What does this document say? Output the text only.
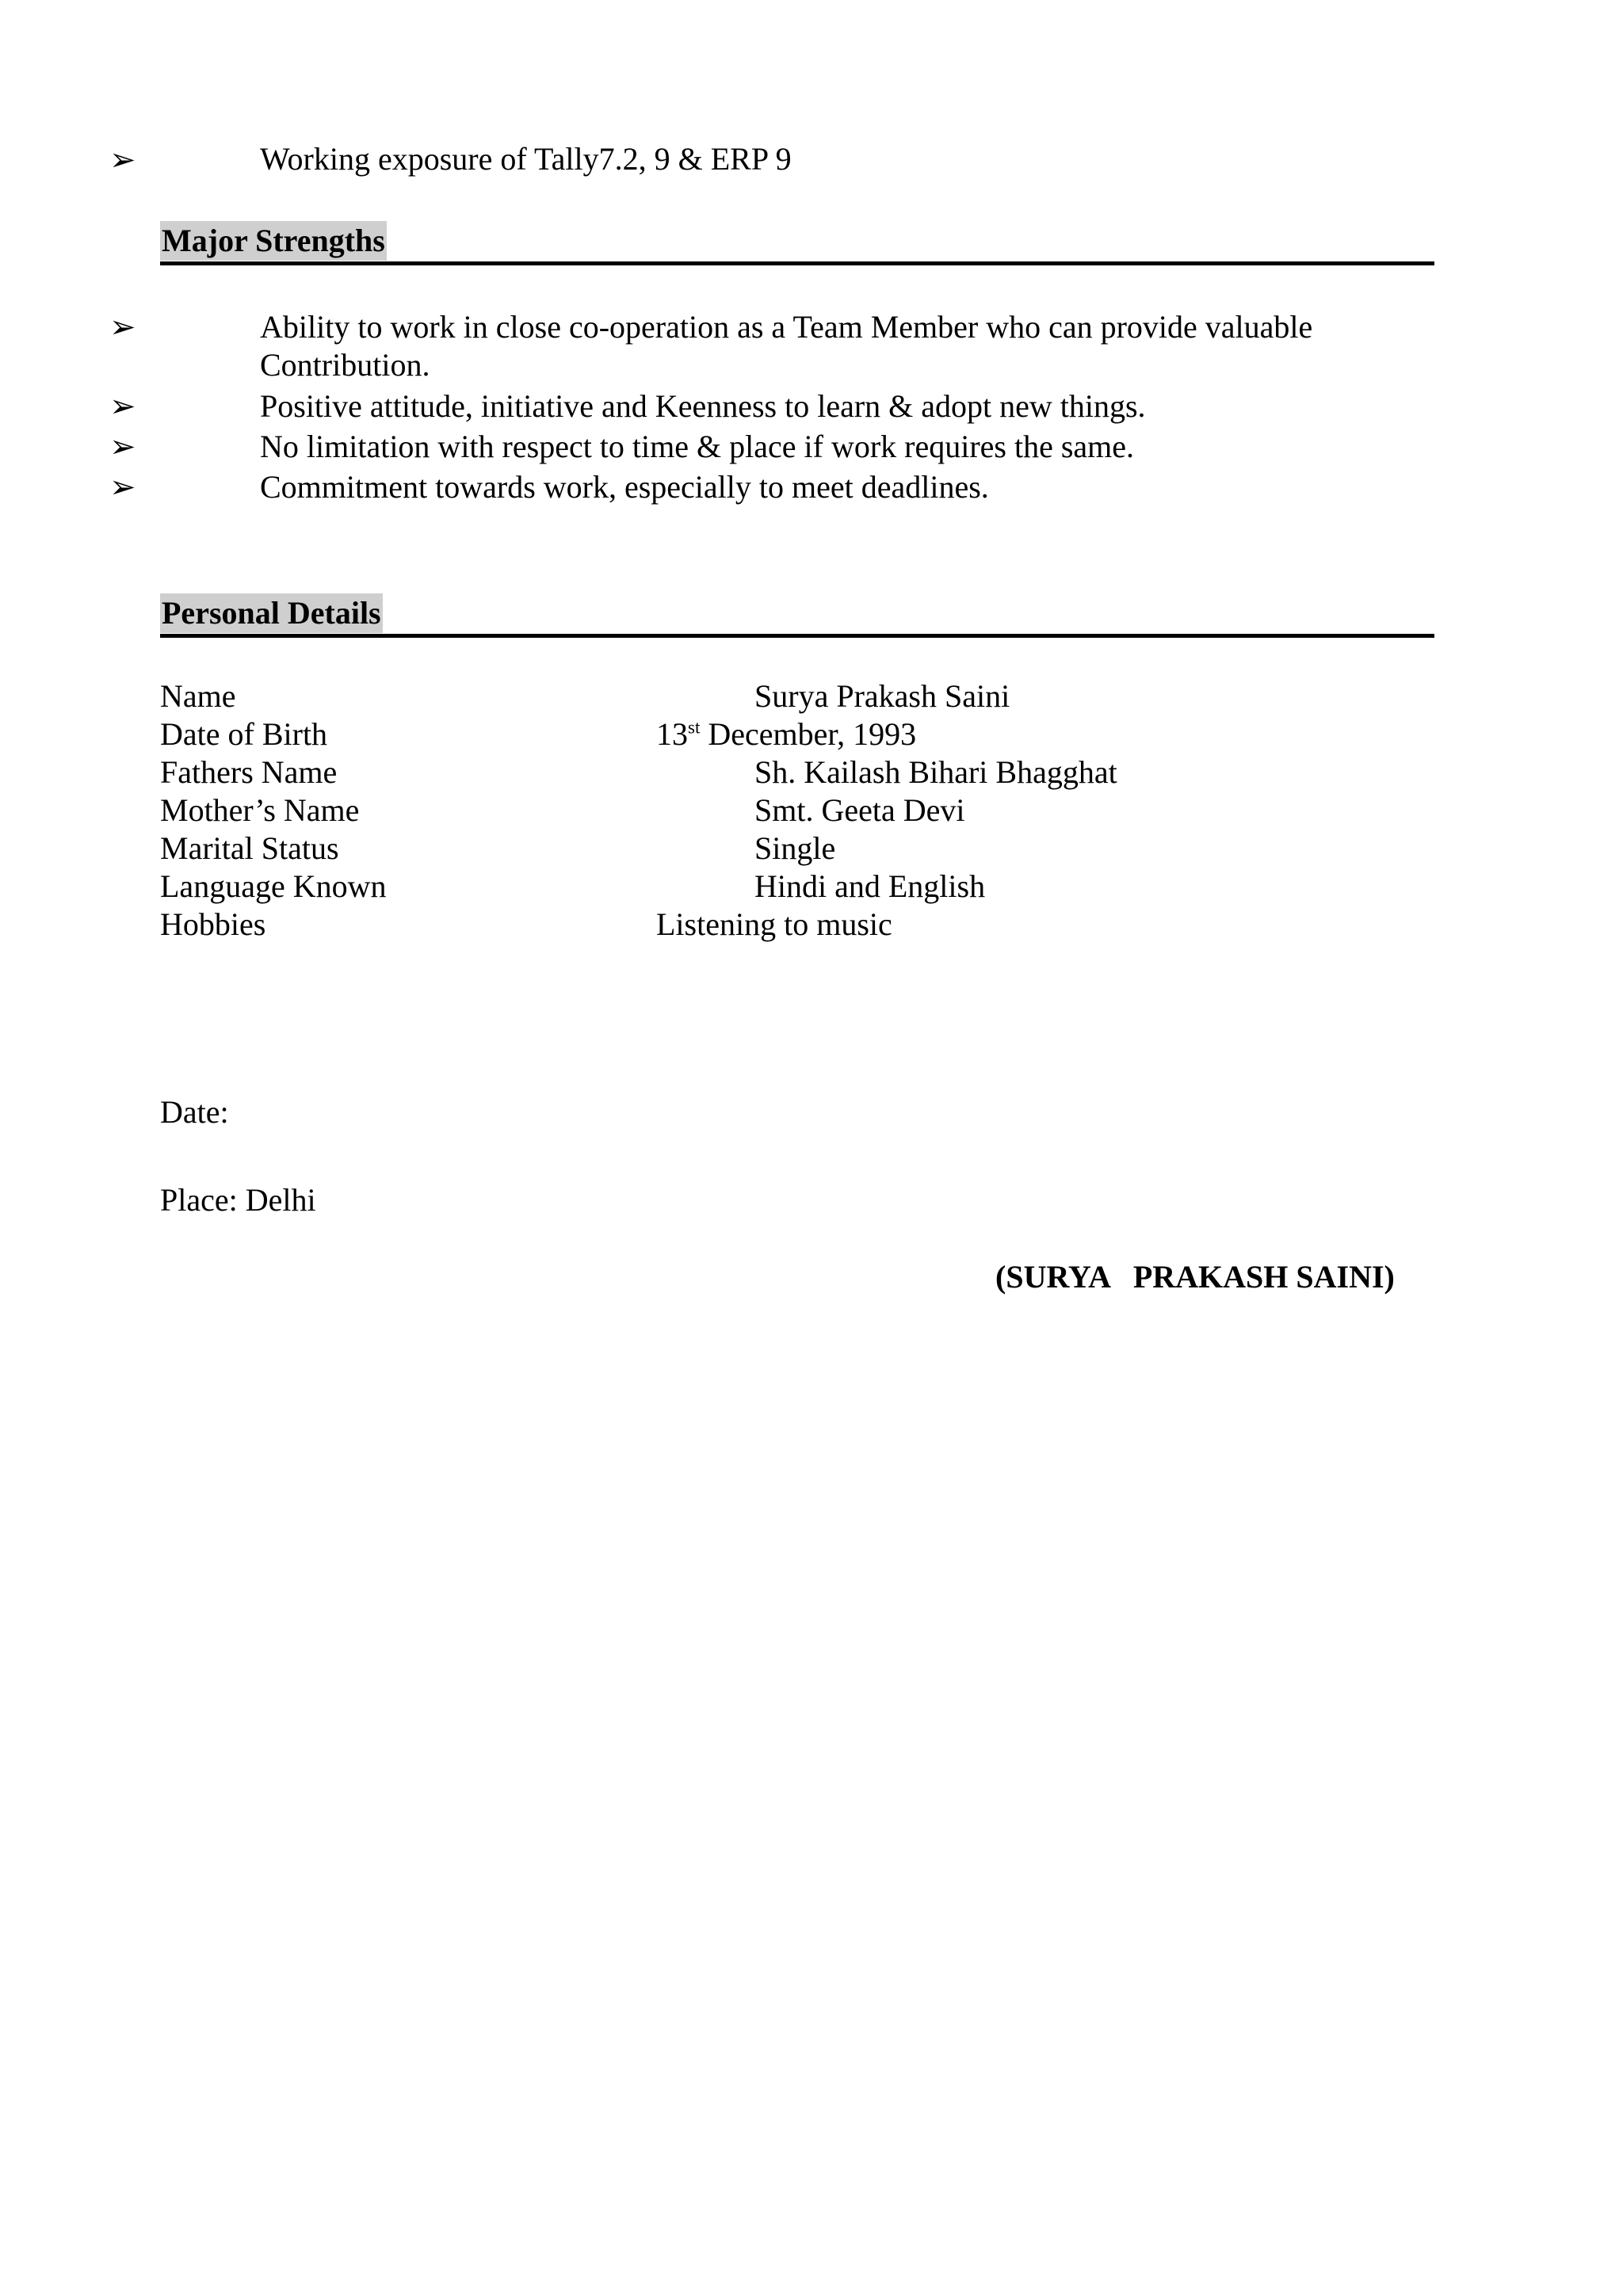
➢	Working exposure of Tally7.2, 9 & ERP 9
Major Strengths
➢	Ability to work in close co-operation as a Team Member who can provide valuable
Contribution.
➢	Positive attitude, initiative and Keenness to learn & adopt new things.
➢	No limitation with respect to time & place if work requires the same.
➢	Commitment towards work, especially to meet deadlines.
Personal Details
Name	Surya Prakash Saini
Date of Birth	13st December, 1993
Fathers Name	Sh. Kailash Bihari Bhagghat
Mother’s Name	Smt. Geeta Devi
Marital Status	Single
Language Known	Hindi and English
Hobbies	Listening to music
Date:
Place: Delhi
(SURYA   PRAKASH SAINI)
